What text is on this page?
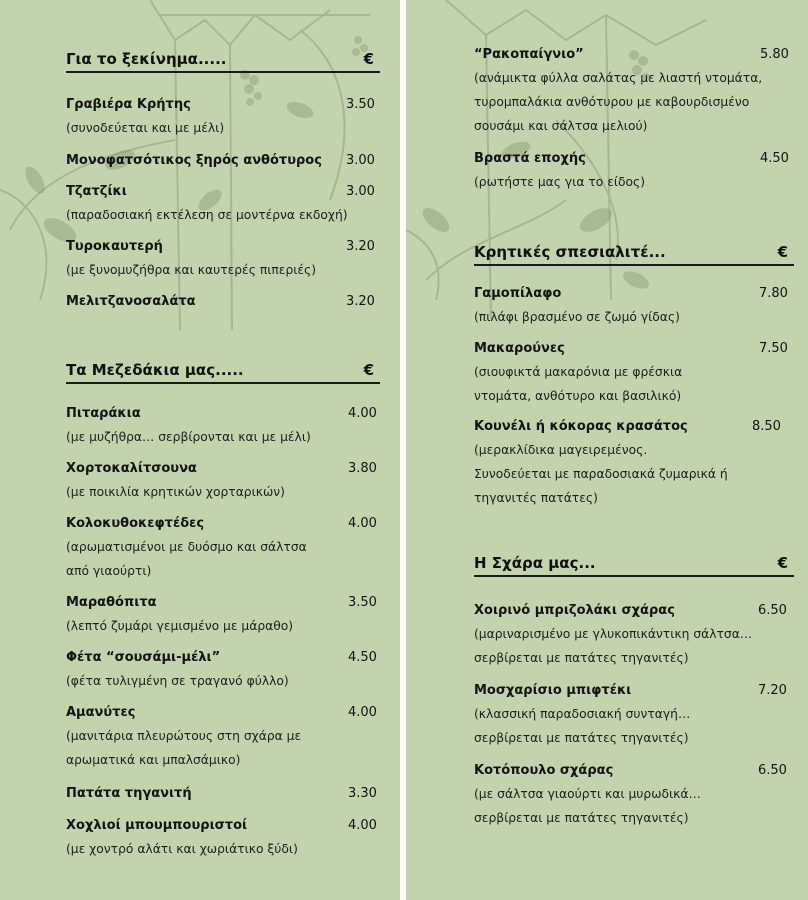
Για το ξεκίνημα.....	€
Γραβιέρα Κρήτης	3.50
(συνοδεύεται και με μέλι)
Μονοφατσότικος ξηρός ανθότυρος 3.00
Τζατζίκι	3.00
(παραδοσιακή εκτέλεση σε μοντέρνα εκδοχή)
Τυροκαυτερή	3.20
(με ξυνομυζήθρα και καυτερές πιπεριές)
Μελιτζανοσαλάτα	3.20
Τα Μεζεδάκια μας.....	€
Πιταράκια	4.00
(με μυζήθρα… σερβίρονται και με μέλι)
Χορτοκαλίτσουνα	3.80
(με ποικιλία κρητικών χορταρικών)
Κολοκυθοκεφτέδες	4.00
(αρωματισμένοι με δυόσμο και σάλτσα
από γιαούρτι)
Μαραθόπιτα	3.50
(λεπτό ζυμάρι γεμισμένο με μάραθο)
Φέτα “σουσάμι-μέλι”	4.50
(φέτα τυλιγμένη σε τραγανό φύλλο)
Αμανύτες	4.00
(μανιτάρια πλευρώτους στη σχάρα με
αρωματικά και μπαλσάμικο)
Πατάτα τηγανιτή	3.30
Χοχλιοί μπουμπουριστοί	4.00
(με χοντρό αλάτι και χωριάτικο ξύδι)
“Ρακοπαίγνιο”	5.80
(ανάμικτα φύλλα σαλάτας με λιαστή ντομάτα,
τυρομπαλάκια ανθότυρου με καβουρδισμένο
σουσάμι και σάλτσα μελιού)
Βραστά εποχής	4.50
(ρωτήστε μας για το είδος)
Κρητικές σπεσιαλιτέ...	€
Γαμοπίλαφο	7.80
(πιλάφι βρασμένο σε ζωμό γίδας)
Μακαρούνες	7.50
(σιουφικτά μακαρόνια με φρέσκια
ντομάτα, ανθότυρο και βασιλικό)
Κουνέλι ή κόκορας κρασάτος	8.50
(μερακλίδικα μαγειρεμένος.
Συνοδεύεται με παραδοσιακά ζυμαρικά ή
τηγανιτές πατάτες)
Η Σχάρα μας...	€
Χοιρινό μπριζολάκι σχάρας	6.50
(μαριναρισμένο με γλυκοπικάντικη σάλτσα…
σερβίρεται με πατάτες τηγανιτές)
Μοσχαρίσιο μπιφτέκι	7.20
(κλασσική παραδοσιακή συνταγή…
σερβίρεται με πατάτες τηγανιτές)
Κοτόπουλο σχάρας	6.50
(με σάλτσα γιαούρτι και μυρωδικά…
σερβίρεται με πατάτες τηγανιτές)
